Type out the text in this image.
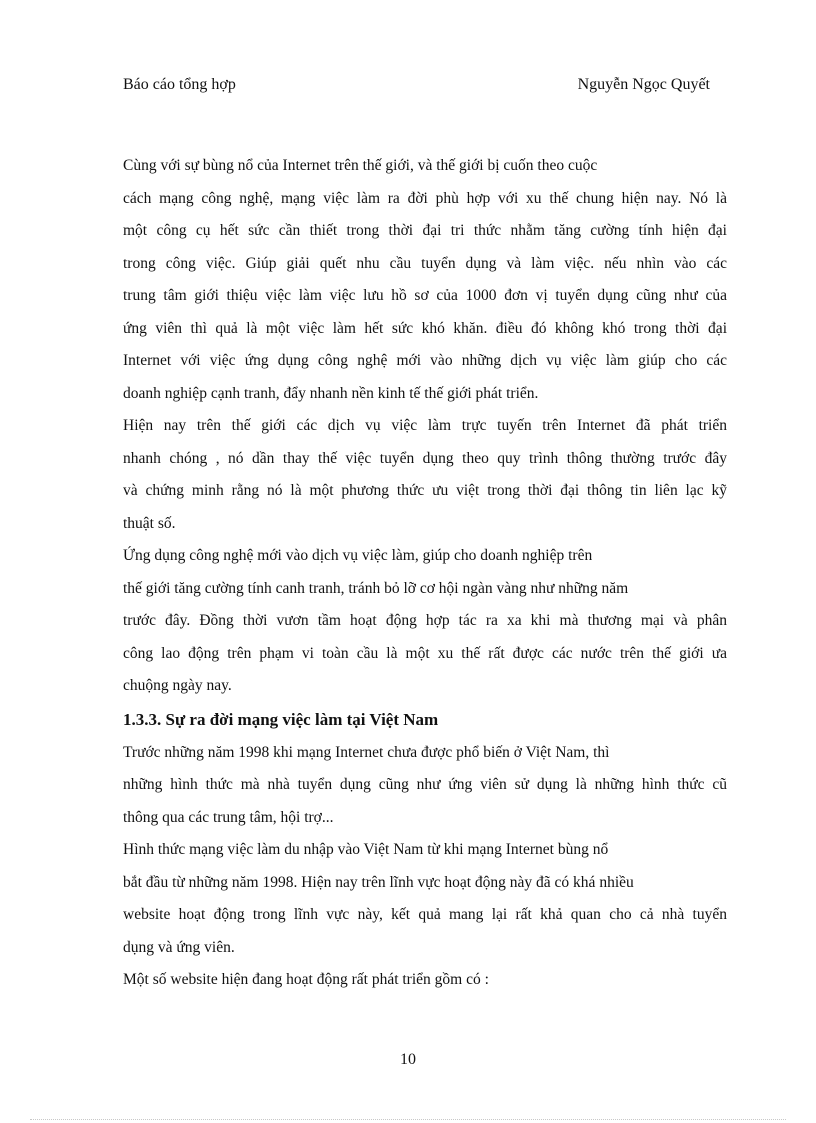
Báo cáo tổng hợp	Nguyễn Ngọc Quyết
Cùng với sự bùng nổ của Internet trên thế giới, và thế giới bị cuốn theo cuộc
cách mạng công nghệ, mạng việc làm ra đời phù hợp với xu thế chung hiện nay. Nó là
một công cụ hết sức cần thiết trong thời đại tri thức nhằm tăng cường tính hiện đại
trong công việc. Giúp giải quết nhu cầu tuyển dụng và làm việc. nếu nhìn vào các
trung tâm giới thiệu việc làm việc lưu hồ sơ của 1000 đơn vị tuyển dụng cũng như của
ứng viên thì quả là một việc làm hết sức khó khăn. điều đó không khó trong thời đại
Internet với việc ứng dụng công nghệ mới vào những dịch vụ việc làm giúp cho các
doanh nghiệp cạnh tranh, đẩy nhanh nền kinh tế thế giới phát triển.
Hiện nay trên thế giới các dịch vụ việc làm trực tuyến trên Internet đã phát triển
nhanh chóng , nó dần thay thế việc tuyển dụng theo quy trình thông thường trước đây
và chứng minh rằng nó là một phương thức ưu việt trong thời đại thông tin liên lạc kỹ
thuật số.
Ứng dụng công nghệ mới vào dịch vụ việc làm, giúp cho doanh nghiệp trên
thế giới tăng cường tính canh tranh, tránh bỏ lỡ cơ hội ngàn vàng như những năm
trước đây. Đồng thời vươn tầm hoạt động hợp tác ra xa khi mà thương mại và phân
công lao động trên phạm vi toàn cầu là một xu thế rất được các nước trên thế giới ưa
chuộng ngày nay.
1.3.3. Sự ra đời mạng việc làm tại Việt Nam
Trước những năm 1998 khi mạng Internet chưa được phổ biến ở Việt Nam, thì
những hình thức mà nhà tuyển dụng cũng như ứng viên sử dụng là những hình thức cũ
thông qua các trung tâm, hội trợ...
Hình thức mạng việc làm du nhập vào Việt Nam từ khi mạng Internet bùng nổ
bắt đầu từ những năm 1998. Hiện nay trên lĩnh vực hoạt động này đã có khá nhiều
website hoạt động trong lĩnh vực này, kết quả mang lại rất khả quan cho cả nhà tuyển
dụng và ứng viên.
Một số website hiện đang hoạt động rất phát triển gồm có :
10
